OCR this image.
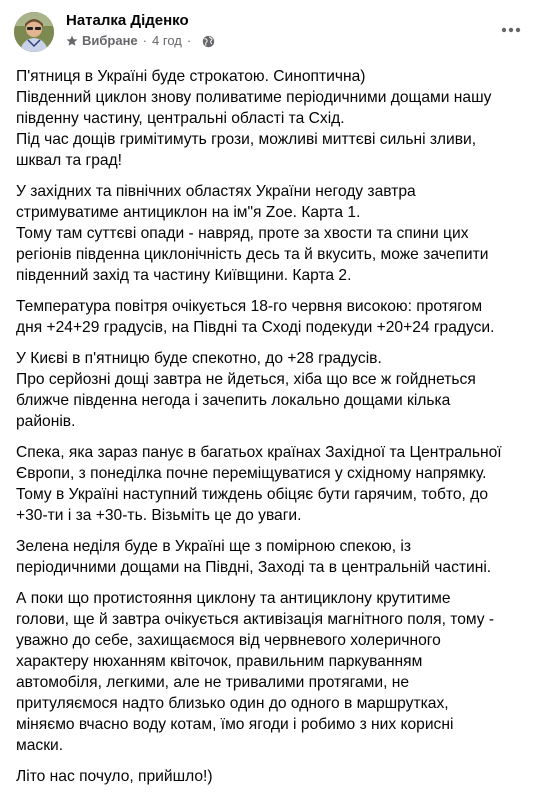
Наталка Діденко
Вибране · 4 год ·
П'ятниця в Україні буде строкатою. Синоптична)
Південний циклон знову поливатиме періодичними дощами нашу
південну частину, центральні області та Схід.
Під час дощів гримітимуть грози, можливі миттєві сильні зливи,
шквал та град!
У західних та північних областях України негоду завтра
стримуватиме антициклон на ім"я Zoe. Карта 1.
Тому там суттєві опади - навряд, проте за хвости та спини цих
регіонів південна циклонічність десь та й вкусить, може зачепити
південний захід та частину Київщини. Карта 2.
Температура повітря очікується 18-го червня високою: протягом
дня +24+29 градусів, на Півдні та Сході подекуди +20+24 градуси.
У Києві в п'ятницю буде спекотно, до +28 градусів.
Про серйозні дощі завтра не йдеться, хіба що все ж гойднеться
ближче південна негода і зачепить локально дощами кілька
районів.
Спека, яка зараз панує в багатьох країнах Західної та Центральної
Європи, з понеділка почне переміщуватися у східному напрямку.
Тому в Україні наступний тиждень обіцяє бути гарячим, тобто, до
+30-ти і за +30-ть. Візьміть це до уваги.
Зелена неділя буде в Україні ще з помірною спекою, із
періодичними дощами на Півдні, Заході та в центральній частині.
А поки що протистояння циклону та антициклону крутитиме
голови, ще й завтра очікується активізація магнітного поля, тому -
уважно до себе, захищаємося від червневого холеричного
характеру нюханням квіточок, правильним паркуванням
автомобіля, легкими, але не тривалими протягами, не
притуляємося надто близько один до одного в маршрутках,
міняємо вчасно воду котам, їмо ягоди і робимо з них корисні
маски.
Літо нас почуло, прийшло!)
